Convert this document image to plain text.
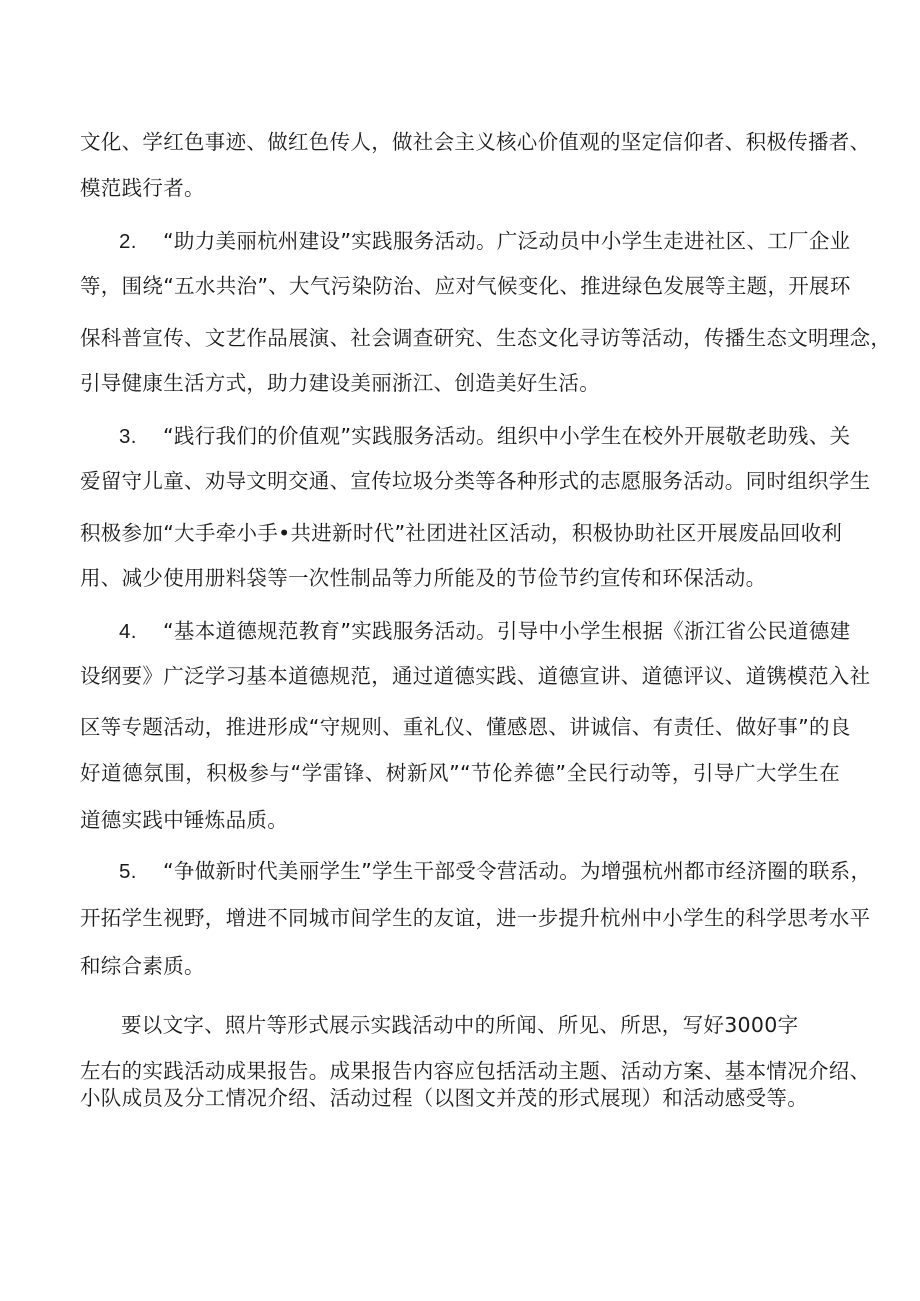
文化、学红色事迹、做红色传人，做社会主义核心价值观的坚定信仰者、积极传播者、
模范践行者。
2. “助力美丽杭州建设”实践服务活动。广泛动员中小学生走进社区、工厂企业
等，围绕“五水共治”、大气污染防治、应对气候变化、推进绿色发展等主题，开展环
保科普宣传、文艺作品展演、社会调查研究、生态文化寻访等活动，传播生态文明理念，
引导健康生活方式，助力建设美丽浙江、创造美好生活。
3. “践行我们的价值观”实践服务活动。组织中小学生在校外开展敬老助残、关
爱留守儿童、劝导文明交通、宣传垃圾分类等各种形式的志愿服务活动。同时组织学生
积极参加“大手牵小手•共进新时代”社团进社区活动，积极协助社区开展废品回收利
用、减少使用册料袋等一次性制品等力所能及的节俭节约宣传和环保活动。
4. “基本道德规范教育”实践服务活动。引导中小学生根据《浙江省公民道德建
设纲要》广泛学习基本道德规范，通过道德实践、道德宣讲、道德评议、道镌模范入社
区等专题活动，推进形成“守规则、重礼仪、懂感恩、讲诚信、有责任、做好事”的良
好道德氛围，积极参与“学雷锋、树新风”“节伦养德”全民行动等，引导广大学生在
道德实践中锤炼品质。
5. “争做新时代美丽学生”学生干部受令营活动。为增强杭州都市经济圈的联系，
开拓学生视野，增进不同城市间学生的友谊，进一步提升杭州中小学生的科学思考水平
和综合素质。
要以文字、照片等形式展示实践活动中的所闻、所见、所思，写好3000字
左右的实践活动成果报告。成果报告内容应包括活动主题、活动方案、基本情况介绍、
小队成员及分工情况介绍、活动过程（以图文并茂的形式展现）和活动感受等。
